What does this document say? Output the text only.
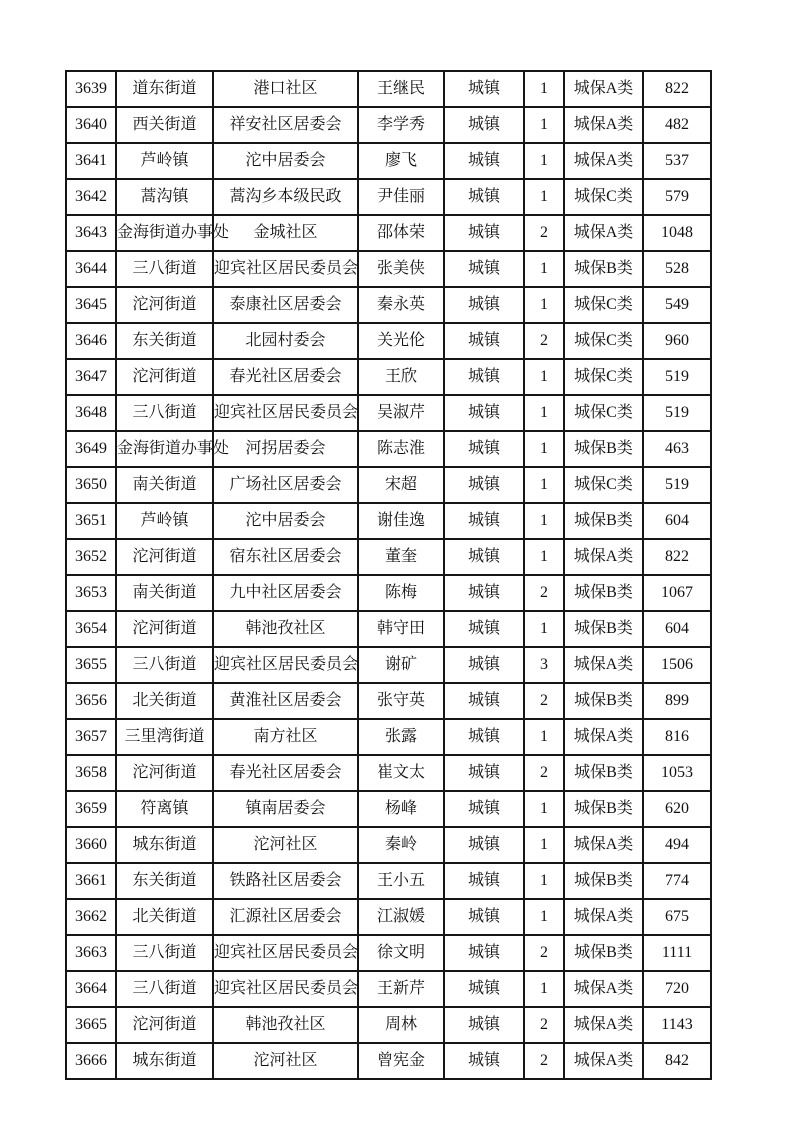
3639	道东街道	港口社区	王继民	城镇	1	城保A类	822
3640	西关街道	祥安社区居委会	李学秀	城镇	1	城保A类	482
3641	芦岭镇	沱中居委会	廖飞	城镇	1	城保A类	537
3642	蒿沟镇	蒿沟乡本级民政	尹佳丽	城镇	1	城保C类	579
3643	金海街道办事处	金城社区	邵体荣	城镇	2	城保A类	1048
3644	三八街道	迎宾社区居民委员会	张美侠	城镇	1	城保B类	528
3645	沱河街道	泰康社区居委会	秦永英	城镇	1	城保C类	549
3646	东关街道	北园村委会	关光伦	城镇	2	城保C类	960
3647	沱河街道	春光社区居委会	王欣	城镇	1	城保C类	519
3648	三八街道	迎宾社区居民委员会	吴淑芹	城镇	1	城保C类	519
3649	金海街道办事处	河拐居委会	陈志淮	城镇	1	城保B类	463
3650	南关街道	广场社区居委会	宋超	城镇	1	城保C类	519
3651	芦岭镇	沱中居委会	谢佳逸	城镇	1	城保B类	604
3652	沱河街道	宿东社区居委会	董奎	城镇	1	城保A类	822
3653	南关街道	九中社区居委会	陈梅	城镇	2	城保B类	1067
3654	沱河街道	韩池孜社区	韩守田	城镇	1	城保B类	604
3655	三八街道	迎宾社区居民委员会	谢矿	城镇	3	城保A类	1506
3656	北关街道	黄淮社区居委会	张守英	城镇	2	城保B类	899
3657	三里湾街道	南方社区	张露	城镇	1	城保A类	816
3658	沱河街道	春光社区居委会	崔文太	城镇	2	城保B类	1053
3659	符离镇	镇南居委会	杨峰	城镇	1	城保B类	620
3660	城东街道	沱河社区	秦岭	城镇	1	城保A类	494
3661	东关街道	铁路社区居委会	王小五	城镇	1	城保B类	774
3662	北关街道	汇源社区居委会	江淑媛	城镇	1	城保A类	675
3663	三八街道	迎宾社区居民委员会	徐文明	城镇	2	城保B类	1111
3664	三八街道	迎宾社区居民委员会	王新芹	城镇	1	城保A类	720
3665	沱河街道	韩池孜社区	周林	城镇	2	城保A类	1143
3666	城东街道	沱河社区	曾宪金	城镇	2	城保A类	842
